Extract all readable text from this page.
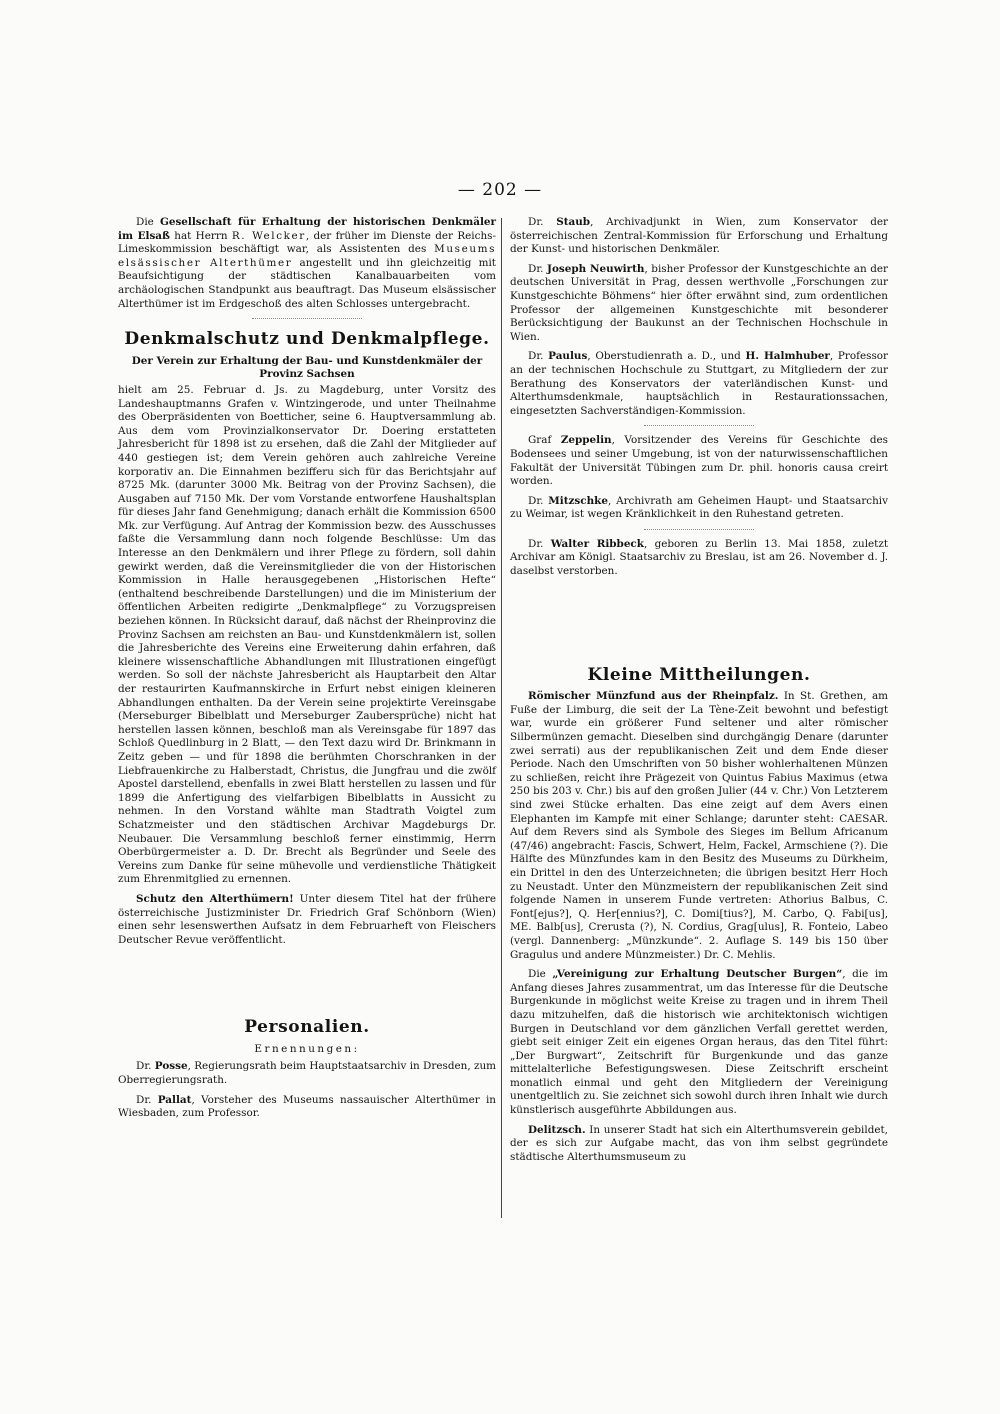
— 202 —

Die Gesellschaft für Erhaltung der historischen Denkmäler im Elsaß hat Herrn R. Welcker, der früher im Dienste der Reichs-Limeskommission beschäftigt war, als Assistenten des Museums elsässischer Alterthümer angestellt und ihn gleichzeitig mit Beaufsichtigung der städtischen Kanalbauarbeiten vom archäologischen Standpunkt aus beauftragt. Das Museum elsässischer Alterthümer ist im Erdgeschoß des alten Schlosses untergebracht.

Denkmalschutz und Denkmalpflege.
Der Verein zur Erhaltung der Bau- und Kunstdenkmäler der Provinz Sachsen

hielt am 25. Februar d. Js. zu Magdeburg, unter Vorsitz des Landeshauptmanns Grafen v. Wintzingerode, und unter Theilnahme des Oberpräsidenten von Boetticher, seine 6. Hauptversammlung ab. Aus dem vom Provinzialkonservator Dr. Doering erstatteten Jahresbericht für 1898 ist zu ersehen, daß die Zahl der Mitglieder auf 440 gestiegen ist; dem Verein gehören auch zahlreiche Vereine korporativ an. Die Einnahmen bezifferu sich für das Berichtsjahr auf 8725 Mk. (darunter 3000 Mk. Beitrag von der Provinz Sachsen), die Ausgaben auf 7150 Mk. Der vom Vorstande entworfene Haushaltsplan für dieses Jahr fand Genehmigung; danach erhält die Kommission 6500 Mk. zur Verfügung. Auf Antrag der Kommission bezw. des Ausschusses faßte die Versammlung dann noch folgende Beschlüsse: Um das Interesse an den Denkmälern und ihrer Pflege zu fördern, soll dahin gewirkt werden, daß die Vereinsmitglieder die von der Historischen Kommission in Halle herausgegebenen „Historischen Hefte“ (enthaltend beschreibende Darstellungen) und die im Ministerium der öffentlichen Arbeiten redigirte „Denkmalpflege“ zu Vorzugspreisen beziehen können. In Rücksicht darauf, daß nächst der Rheinprovinz die Provinz Sachsen am reichsten an Bau- und Kunstdenkmälern ist, sollen die Jahresberichte des Vereins eine Erweiterung dahin erfahren, daß kleinere wissenschaftliche Abhandlungen mit Illustrationen eingefügt werden. So soll der nächste Jahresbericht als Hauptarbeit den Altar der restaurirten Kaufmannskirche in Erfurt nebst einigen kleineren Abhandlungen enthalten. Da der Verein seine projektirte Vereinsgabe (Merseburger Bibelblatt und Merseburger Zaubersprüche) nicht hat herstellen lassen können, beschloß man als Vereinsgabe für 1897 das Schloß Quedlinburg in 2 Blatt, — den Text dazu wird Dr. Brinkmann in Zeitz geben — und für 1898 die berühmten Chorschranken in der Liebfrauenkirche zu Halberstadt, Christus, die Jungfrau und die zwölf Apostel darstellend, ebenfalls in zwei Blatt herstellen zu lassen und für 1899 die Anfertigung des vielfarbigen Bibelblatts in Aussicht zu nehmen. In den Vorstand wählte man Stadtrath Voigtel zum Schatzmeister und den städtischen Archivar Magdeburgs Dr. Neubauer. Die Versammlung beschloß ferner einstimmig, Herrn Oberbürgermeister a. D. Dr. Brecht als Begründer und Seele des Vereins zum Danke für seine mühevolle und verdienstliche Thätigkeit zum Ehrenmitglied zu ernennen.

Schutz den Alterthümern! Unter diesem Titel hat der frühere österreichische Justizminister Dr. Friedrich Graf Schönborn (Wien) einen sehr lesenswerthen Aufsatz in dem Februarheft von Fleischers Deutscher Revue veröffentlicht.

Personalien.
Ernennungen:

Dr. Posse, Regierungsrath beim Hauptstaatsarchiv in Dresden, zum Oberregierungsrath.

Dr. Pallat, Vorsteher des Museums nassauischer Alterthümer in Wiesbaden, zum Professor.

Dr. Staub, Archivadjunkt in Wien, zum Konservator der österreichischen Zentral-Kommission für Erforschung und Erhaltung der Kunst- und historischen Denkmäler.

Dr. Joseph Neuwirth, bisher Professor der Kunstgeschichte an der deutschen Universität in Prag, dessen werthvolle „Forschungen zur Kunstgeschichte Böhmens“ hier öfter erwähnt sind, zum ordentlichen Professor der allgemeinen Kunstgeschichte mit besonderer Berücksichtigung der Baukunst an der Technischen Hochschule in Wien.

Dr. Paulus, Oberstudienrath a. D., und H. Halmhuber, Professor an der technischen Hochschule zu Stuttgart, zu Mitgliedern der zur Berathung des Konservators der vaterländischen Kunst- und Alterthumsdenkmale, hauptsächlich in Restaurationssachen, eingesetzten Sachverständigen-Kommission.

Graf Zeppelin, Vorsitzender des Vereins für Geschichte des Bodensees und seiner Umgebung, ist von der naturwissenschaftlichen Fakultät der Universität Tübingen zum Dr. phil. honoris causa creirt worden.

Dr. Mitzschke, Archivrath am Geheimen Haupt- und Staatsarchiv zu Weimar, ist wegen Kränklichkeit in den Ruhestand getreten.

Dr. Walter Ribbeck, geboren zu Berlin 13. Mai 1858, zuletzt Archivar am Königl. Staatsarchiv zu Breslau, ist am 26. November d. J. daselbst verstorben.

Kleine Mittheilungen.

Römischer Münzfund aus der Rheinpfalz. In St. Grethen, am Fuße der Limburg, die seit der La Tène-Zeit bewohnt und befestigt war, wurde ein größerer Fund seltener und alter römischer Silbermünzen gemacht. Dieselben sind durchgängig Denare (darunter zwei serrati) aus der republikanischen Zeit und dem Ende dieser Periode. Nach den Umschriften von 50 bisher wohlerhaltenen Münzen zu schließen, reicht ihre Prägezeit von Quintus Fabius Maximus (etwa 250 bis 203 v. Chr.) bis auf den großen Julier (44 v. Chr.) Von Letzterem sind zwei Stücke erhalten. Das eine zeigt auf dem Avers einen Elephanten im Kampfe mit einer Schlange; darunter steht: CAESAR. Auf dem Revers sind als Symbole des Sieges im Bellum Africanum (47/46) angebracht: Fascis, Schwert, Helm, Fackel, Armschiene (?). Die Hälfte des Münzfundes kam in den Besitz des Museums zu Dürkheim, ein Drittel in den des Unterzeichneten; die übrigen besitzt Herr Hoch zu Neustadt. Unter den Münzmeistern der republikanischen Zeit sind folgende Namen in unserem Funde vertreten: Athorius Balbus, C. Font[ejus?], Q. Her[ennius?], C. Domi[tius?], M. Carbo, Q. Fabi[us], ME. Balb[us], Crerusta (?), N. Cordius, Grag[ulus], R. Fonteio, Labeo (vergl. Dannenberg: „Münzkunde“. 2. Auflage S. 149 bis 150 über Gragulus und andere Münzmeister.) Dr. C. Mehlis.

Die „Vereinigung zur Erhaltung Deutscher Burgen“, die im Anfang dieses Jahres zusammentrat, um das Interesse für die Deutsche Burgenkunde in möglichst weite Kreise zu tragen und in ihrem Theil dazu mitzuhelfen, daß die historisch wie architektonisch wichtigen Burgen in Deutschland vor dem gänzlichen Verfall gerettet werden, giebt seit einiger Zeit ein eigenes Organ heraus, das den Titel führt: „Der Burgwart“, Zeitschrift für Burgenkunde und das ganze mittelalterliche Befestigungswesen. Diese Zeitschrift erscheint monatlich einmal und geht den Mitgliedern der Vereinigung unentgeltlich zu. Sie zeichnet sich sowohl durch ihren Inhalt wie durch künstlerisch ausgeführte Abbildungen aus.

Delitzsch. In unserer Stadt hat sich ein Alterthumsverein gebildet, der es sich zur Aufgabe macht, das von ihm selbst gegründete städtische Alterthumsmuseum zu
